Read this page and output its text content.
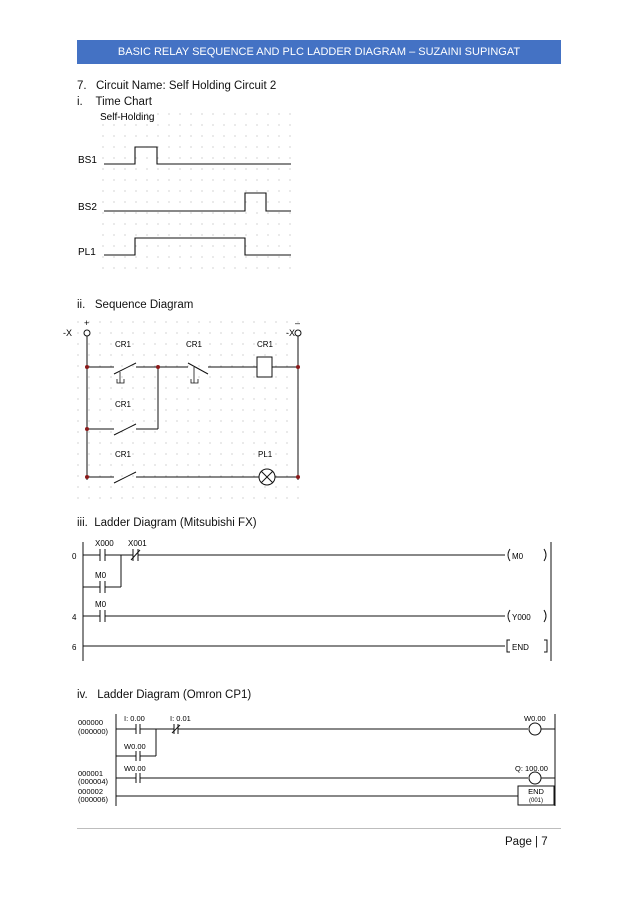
BASIC RELAY SEQUENCE AND PLC LADDER DIAGRAM – SUZAINI SUPINGAT
7. Circuit Name: Self Holding Circuit 2
i.    Time Chart
Self-Holding
BS1
BS2
PL1
ii.   Sequence Diagram
+	–
-X	-X
CR1	CR1	CR1
CR1
CR1	PL1
iii.  Ladder Diagram (Mitsubishi FX)
0	M0
X000 X001
M0
4	Y000
M0
6	END
iv.   Ladder Diagram (Omron CP1)
000000
(000000)
000001
(000004)
000002
(000006)
I: 0.00	I: 0.01	W0.00
W0.00
W0.00	Q: 100.00
END
(001)
Page | 7
